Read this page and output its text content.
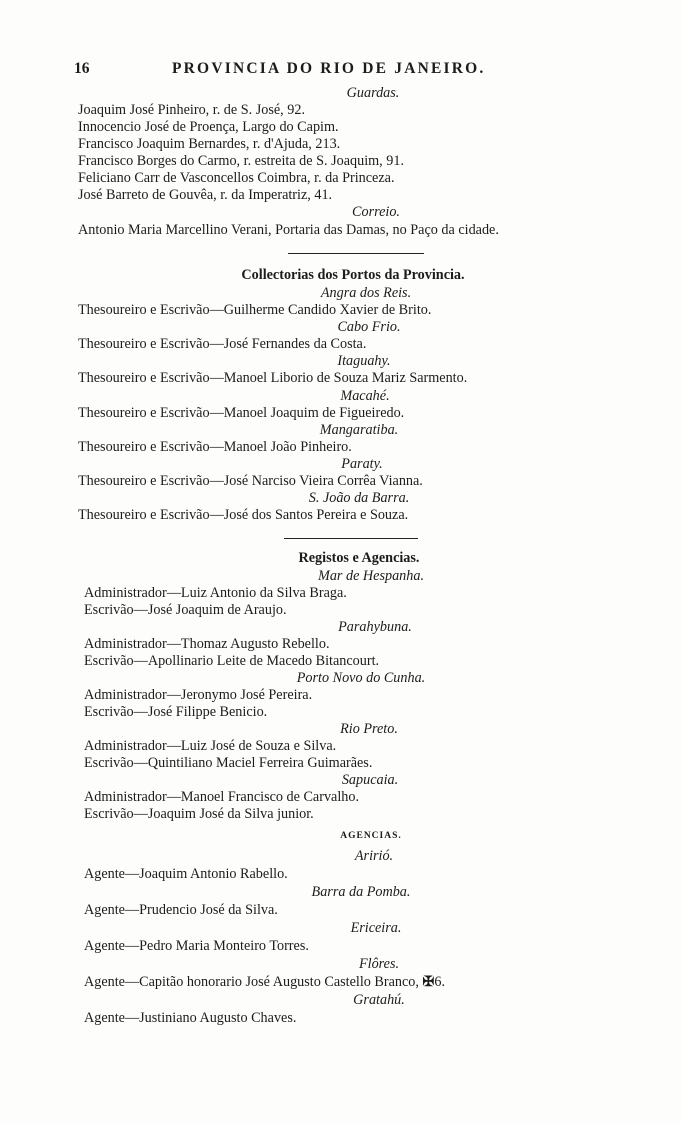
16	PROVINCIA DO RIO DE JANEIRO.
Guardas.
Joaquim José Pinheiro, r. de S. José, 92.
Innocencio José de Proença, Largo do Capim.
Francisco Joaquim Bernardes, r. d'Ajuda, 213.
Francisco Borges do Carmo, r. estreita de S. Joaquim, 91.
Feliciano Carr de Vasconcellos Coimbra, r. da Princeza.
José Barreto de Gouvêa, r. da Imperatriz, 41.
Correio.
Antonio Maria Marcellino Verani, Portaria das Damas, no Paço da cidade.
Collectorias dos Portos da Provincia.
Angra dos Reis.
Thesoureiro e Escrivão—Guilherme Candido Xavier de Brito.
Cabo Frio.
Thesoureiro e Escrivão—José Fernandes da Costa.
Itaguahy.
Thesoureiro e Escrivão—Manoel Liborio de Souza Mariz Sarmento.
Macahé.
Thesoureiro e Escrivão—Manoel Joaquim de Figueiredo.
Mangaratiba.
Thesoureiro e Escrivão—Manoel João Pinheiro.
Paraty.
Thesoureiro e Escrivão—José Narciso Vieira Corrêa Vianna.
S. João da Barra.
Thesoureiro e Escrivão—José dos Santos Pereira e Souza.
Registos e Agencias.
Mar de Hespanha.
Administrador—Luiz Antonio da Silva Braga.
Escrivão—José Joaquim de Araujo.
Parahybuna.
Administrador—Thomaz Augusto Rebello.
Escrivão—Apollinario Leite de Macedo Bitancourt.
Porto Novo do Cunha.
Administrador—Jeronymo José Pereira.
Escrivão—José Filippe Benicio.
Rio Preto.
Administrador—Luiz José de Souza e Silva.
Escrivão—Quintiliano Maciel Ferreira Guimarães.
Sapucaia.
Administrador—Manoel Francisco de Carvalho.
Escrivão—Joaquim José da Silva junior.
AGENCIAS.
Aririó.
Agente—Joaquim Antonio Rabello.
Barra da Pomba.
Agente—Prudencio José da Silva.
Ericeira.
Agente—Pedro Maria Monteiro Torres.
Flôres.
Agente—Capitão honorario José Augusto Castello Branco, ✠6.
Gratahú.
Agente—Justiniano Augusto Chaves.
